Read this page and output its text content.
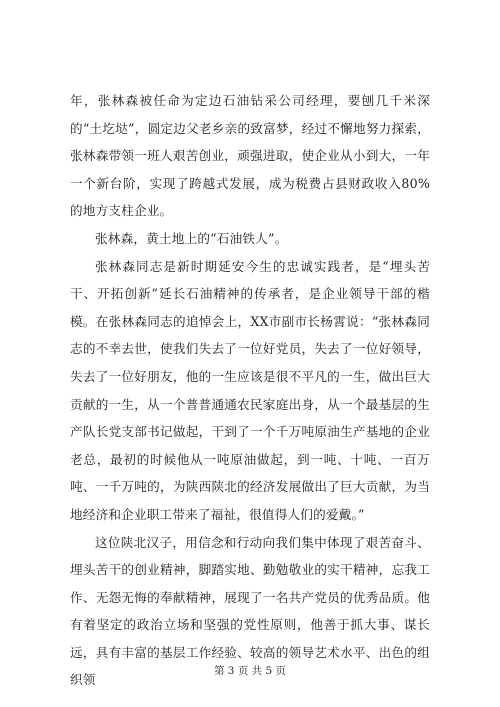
年，张林森被任命为定边石油钻采公司经理，要刨几千米深的“土圪垯”，圆定边父老乡亲的致富梦，经过不懈地努力探索，张林森带领一班人艰苦创业，顽强进取，使企业从小到大，一年一个新台阶，实现了跨越式发展，成为税费占县财政收入80%的地方支柱企业。

张林森，黄土地上的“石油铁人”。

张林森同志是新时期延安今生的忠诚实践者，是“埋头苦干、开拓创新”延长石油精神的传承者，是企业领导干部的楷模。在张林森同志的追悼会上，XX市副市长杨霄说：“张林森同志的不幸去世，使我们失去了一位好党员，失去了一位好领导，失去了一位好朋友，他的一生应该是很不平凡的一生，做出巨大贡献的一生，从一个普普通通农民家庭出身，从一个最基层的生产队长党支部书记做起，干到了一个千万吨原油生产基地的企业老总，最初的时候他从一吨原油做起，到一吨、十吨、一百万吨、一千万吨的，为陕西陕北的经济发展做出了巨大贡献，为当地经济和企业职工带来了福祉，很值得人们的爱戴。”

这位陕北汉子，用信念和行动向我们集中体现了艰苦奋斗、埋头苦干的创业精神，脚踏实地、勤勉敬业的实干精神，忘我工作、无怨无悔的奉献精神，展现了一名共产党员的优秀品质。他有着坚定的政治立场和坚强的党性原则，他善于抓大事、谋长远，具有丰富的基层工作经验、较高的领导艺术水平、出色的组织领

第 3 页 共 5 页
